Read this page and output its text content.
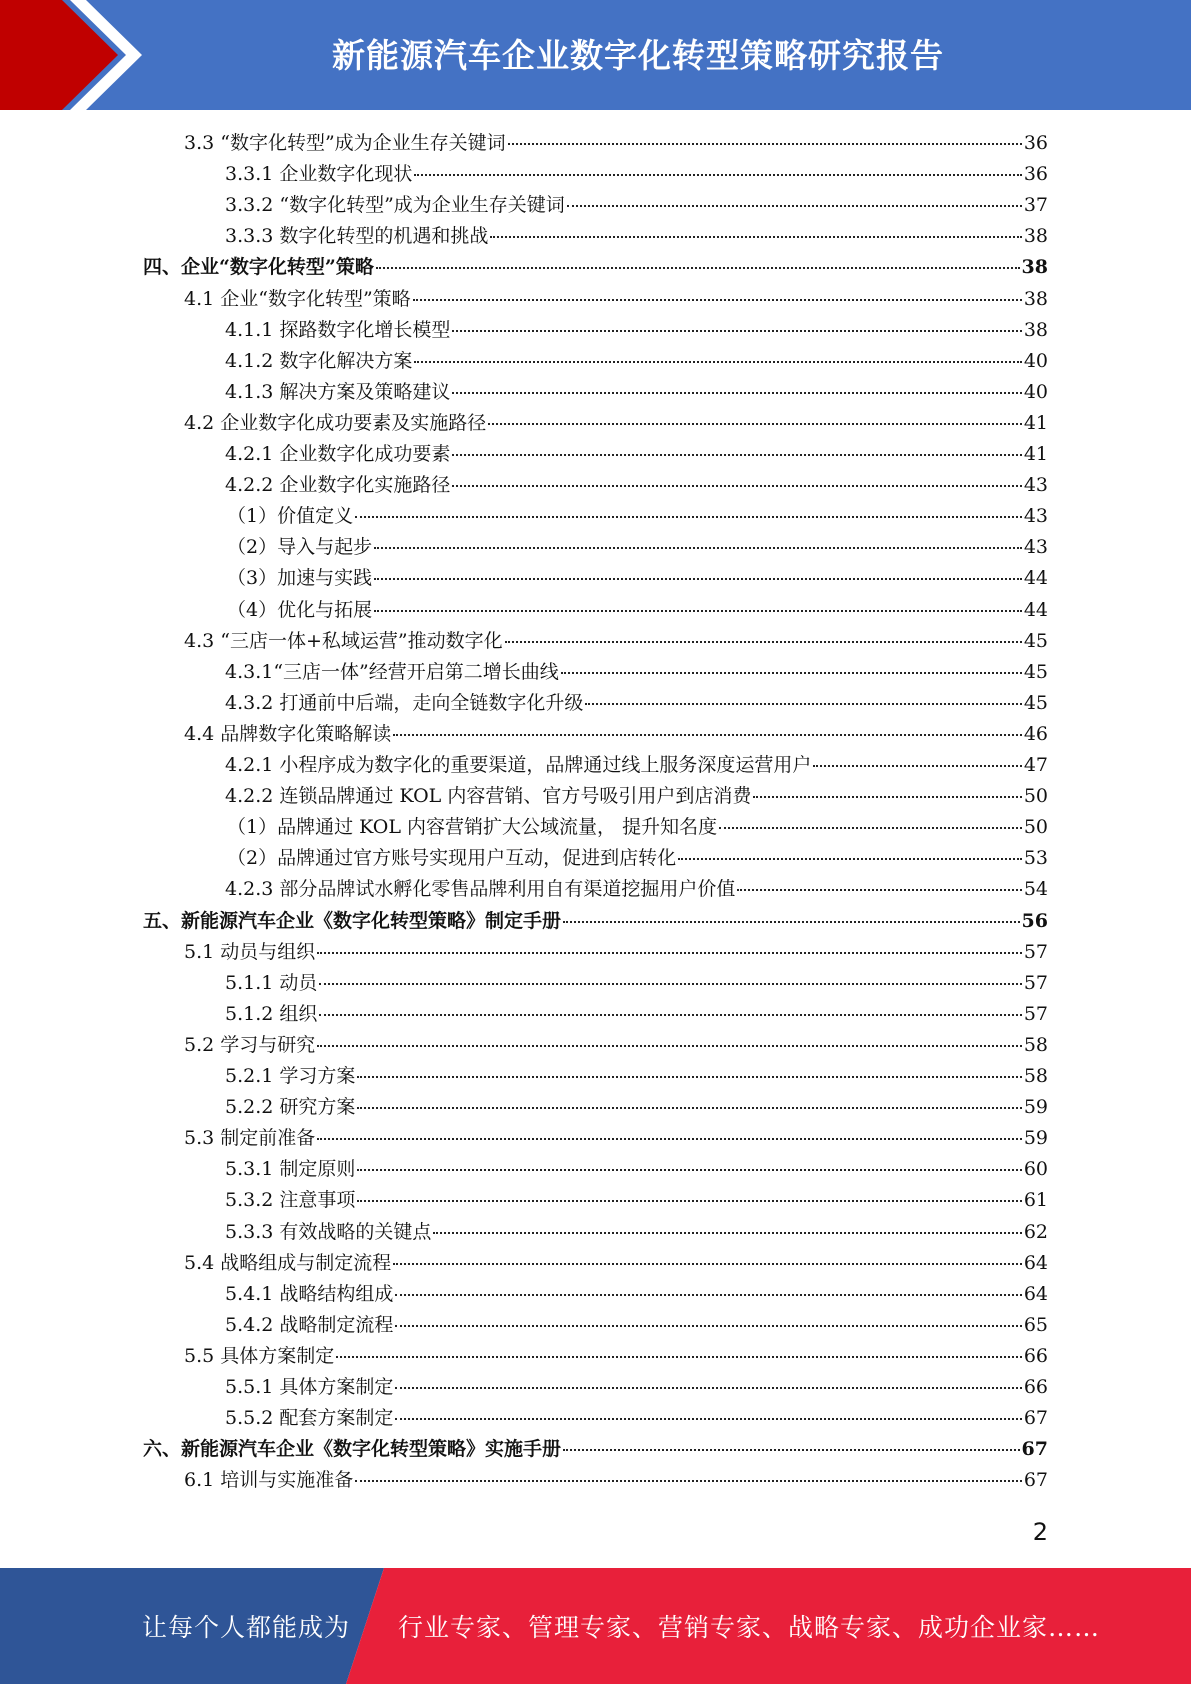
新能源汽车企业数字化转型策略研究报告
3.3 “数字化转型”成为企业生存关键词	36
3.3.1 企业数字化现状	36
3.3.2 “数字化转型”成为企业生存关键词	37
3.3.3 数字化转型的机遇和挑战	38
四、企业“数字化转型”策略	38
4.1 企业“数字化转型”策略	38
4.1.1 探路数字化增长模型	38
4.1.2 数字化解决方案	40
4.1.3 解决方案及策略建议	40
4.2 企业数字化成功要素及实施路径	41
4.2.1 企业数字化成功要素	41
4.2.2 企业数字化实施路径	43
（1）价值定义	43
（2）导入与起步	43
（3）加速与实践	44
（4）优化与拓展	44
4.3 “三店一体+私域运营”推动数字化	45
4.3.1“三店一体”经营开启第二增长曲线	45
4.3.2 打通前中后端，走向全链数字化升级	45
4.4 品牌数字化策略解读	46
4.2.1 小程序成为数字化的重要渠道，品牌通过线上服务深度运营用户	47
4.2.2 连锁品牌通过 KOL 内容营销、官方号吸引用户到店消费	50
（1）品牌通过 KOL 内容营销扩大公域流量， 提升知名度	50
（2）品牌通过官方账号实现用户互动，促进到店转化	53
4.2.3 部分品牌试水孵化零售品牌利用自有渠道挖掘用户价值	54
五、新能源汽车企业《数字化转型策略》制定手册	56
5.1 动员与组织	57
5.1.1 动员	57
5.1.2 组织	57
5.2 学习与研究	58
5.2.1 学习方案	58
5.2.2 研究方案	59
5.3 制定前准备	59
5.3.1 制定原则	60
5.3.2 注意事项	61
5.3.3 有效战略的关键点	62
5.4 战略组成与制定流程	64
5.4.1 战略结构组成	64
5.4.2 战略制定流程	65
5.5 具体方案制定	66
5.5.1 具体方案制定	66
5.5.2 配套方案制定	67
六、新能源汽车企业《数字化转型策略》实施手册	67
6.1 培训与实施准备	67
2
让每个人都能成为 行业专家、管理专家、营销专家、战略专家、成功企业家……
